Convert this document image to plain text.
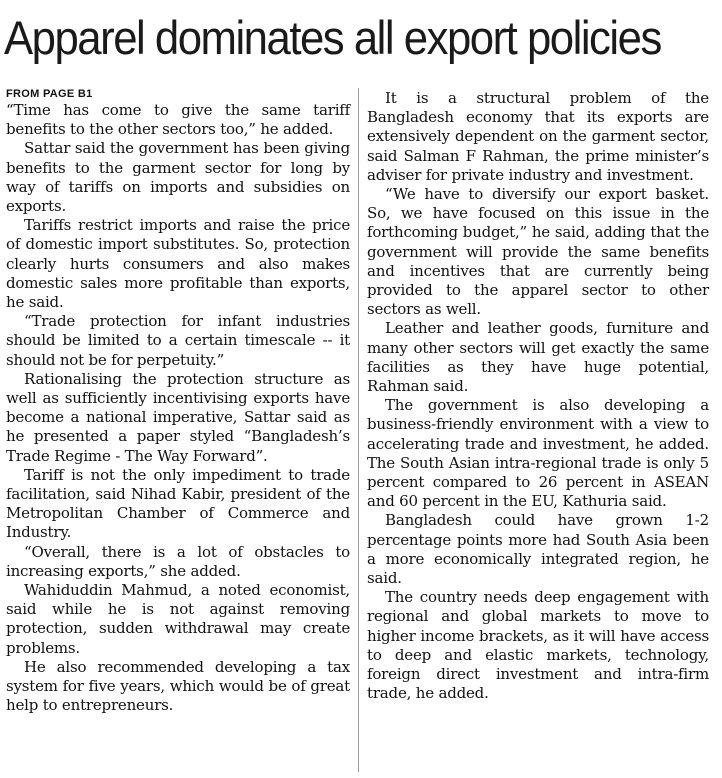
Apparel dominates all export policies
FROM PAGE B1

“Time has come to give the same tariff benefits to the other sectors too,” he added.

Sattar said the government has been giving benefits to the garment sector for long by way of tariffs on imports and subsidies on exports.

Tariffs restrict imports and raise the price of domestic import substitutes. So, protection clearly hurts consumers and also makes domestic sales more profitable than exports, he said.

“Trade protection for infant industries should be limited to a certain timescale -- it should not be for perpetuity.”

Rationalising the protection structure as well as sufficiently incentivising exports have become a national imperative, Sattar said as he presented a paper styled “Bangladesh’s Trade Regime - The Way Forward”.

Tariff is not the only impediment to trade facilitation, said Nihad Kabir, president of the Metropolitan Chamber of Commerce and Industry.

“Overall, there is a lot of obstacles to increasing exports,” she added.

Wahiduddin Mahmud, a noted economist, said while he is not against removing protection, sudden withdrawal may create problems.

He also recommended developing a tax system for five years, which would be of great help to entrepreneurs.

It is a structural problem of the Bangladesh economy that its exports are extensively dependent on the garment sector, said Salman F Rahman, the prime minister’s adviser for private industry and investment.

“We have to diversify our export basket. So, we have focused on this issue in the forthcoming budget,” he said, adding that the government will provide the same benefits and incentives that are currently being provided to the apparel sector to other sectors as well.

Leather and leather goods, furniture and many other sectors will get exactly the same facilities as they have huge potential, Rahman said.

The government is also developing a business-friendly environment with a view to accelerating trade and investment, he added. The South Asian intra-regional trade is only 5 percent compared to 26 percent in ASEAN and 60 percent in the EU, Kathuria said.

Bangladesh could have grown 1-2 percentage points more had South Asia been a more economically integrated region, he said.

The country needs deep engagement with regional and global markets to move to higher income brackets, as it will have access to deep and elastic markets, technology, foreign direct investment and intra-firm trade, he added.
